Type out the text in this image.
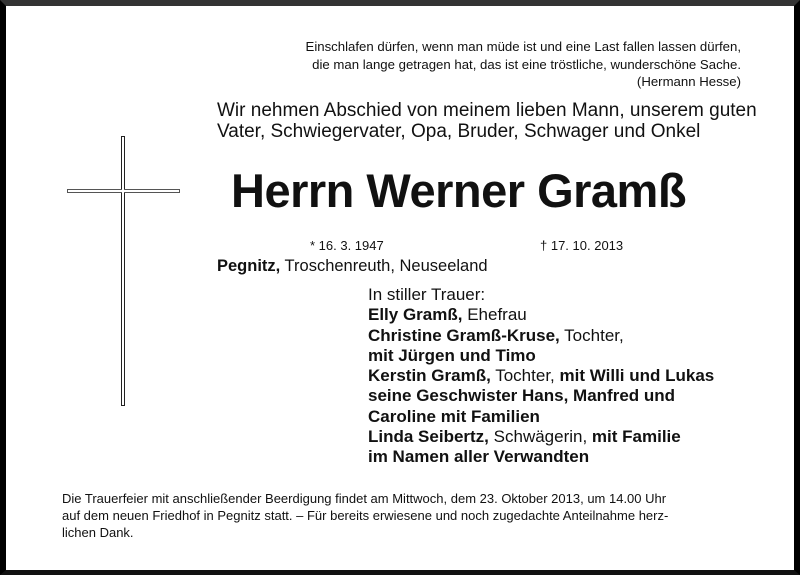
Einschlafen dürfen, wenn man müde ist und eine Last fallen lassen dürfen,
die man lange getragen hat, das ist eine tröstliche, wunderschöne Sache.
(Hermann Hesse)
Wir nehmen Abschied von meinem lieben Mann, unserem guten
Vater, Schwiegervater, Opa, Bruder, Schwager und Onkel
Herrn Werner Gramß
* 16. 3. 1947	† 17. 10. 2013
Pegnitz, Troschenreuth, Neuseeland
In stiller Trauer:
Elly Gramß, Ehefrau
Christine Gramß-Kruse, Tochter,
mit Jürgen und Timo
Kerstin Gramß, Tochter, mit Willi und Lukas
seine Geschwister Hans, Manfred und
Caroline mit Familien
Linda Seibertz, Schwägerin, mit Familie
im Namen aller Verwandten
Die Trauerfeier mit anschließender Beerdigung findet am Mittwoch, dem 23. Oktober 2013, um 14.00 Uhr
auf dem neuen Friedhof in Pegnitz statt. – Für bereits erwiesene und noch zugedachte Anteilnahme herz-
lichen Dank.
